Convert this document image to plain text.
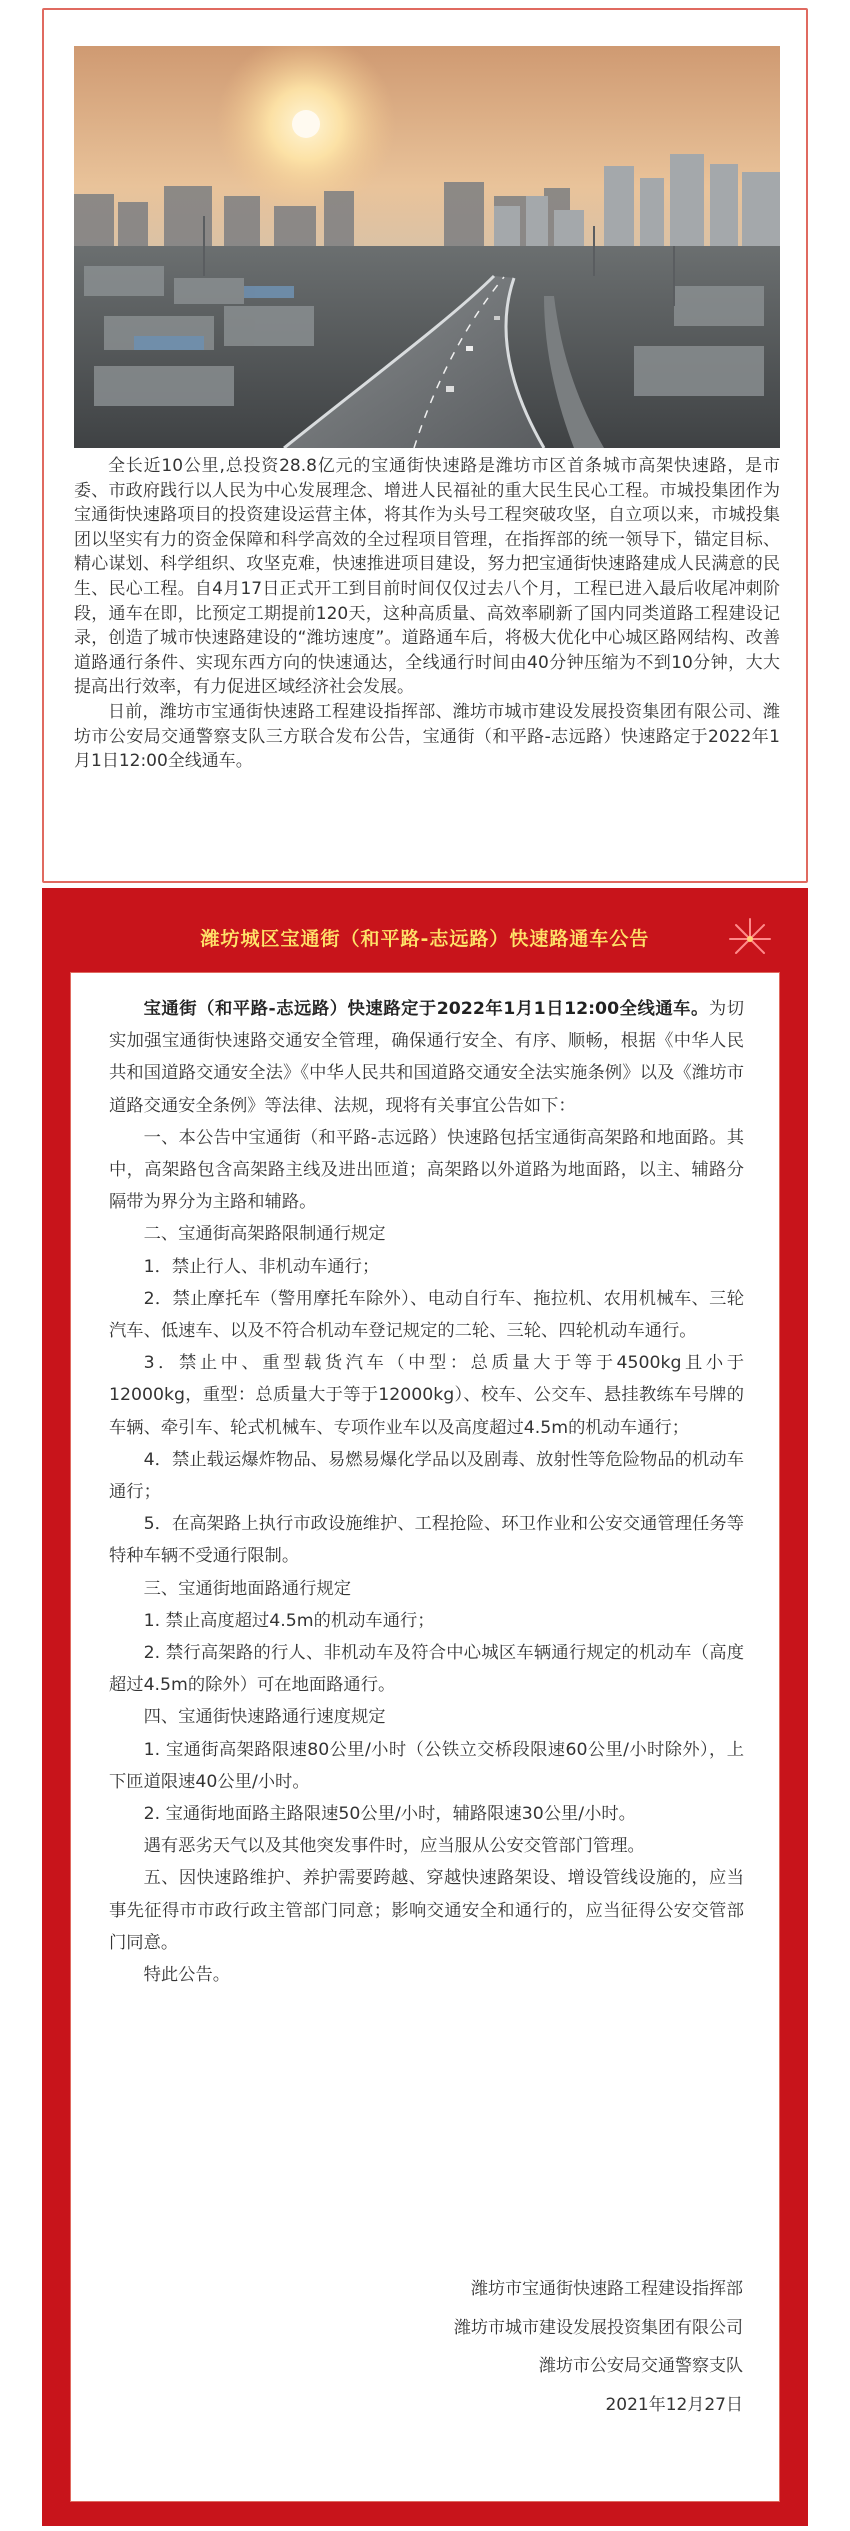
全长近10公里,总投资28.8亿元的宝通街快速路是潍坊市区首条城市高架快速路，是市委、市政府践行以人民为中心发展理念、增进人民福祉的重大民生民心工程。市城投集团作为宝通街快速路项目的投资建设运营主体，将其作为头号工程突破攻坚，自立项以来，市城投集团以坚实有力的资金保障和科学高效的全过程项目管理，在指挥部的统一领导下，锚定目标、精心谋划、科学组织、攻坚克难，快速推进项目建设，努力把宝通街快速路建成人民满意的民生、民心工程。自4月17日正式开工到目前时间仅仅过去八个月，工程已进入最后收尾冲刺阶段，通车在即，比预定工期提前120天，这种高质量、高效率刷新了国内同类道路工程建设记录，创造了城市快速路建设的“潍坊速度”。道路通车后，将极大优化中心城区路网结构、改善道路通行条件、实现东西方向的快速通达，全线通行时间由40分钟压缩为不到10分钟，大大提高出行效率，有力促进区域经济社会发展。

日前，潍坊市宝通街快速路工程建设指挥部、潍坊市城市建设发展投资集团有限公司、潍坊市公安局交通警察支队三方联合发布公告，宝通街（和平路-志远路）快速路定于2022年1月1日12:00全线通车。

潍坊城区宝通街（和平路-志远路）快速路通车公告

宝通街（和平路-志远路）快速路定于2022年1月1日12:00全线通车。为切实加强宝通街快速路交通安全管理，确保通行安全、有序、顺畅，根据《中华人民共和国道路交通安全法》《中华人民共和国道路交通安全法实施条例》以及《潍坊市道路交通安全条例》等法律、法规，现将有关事宜公告如下：

一、本公告中宝通街（和平路-志远路）快速路包括宝通街高架路和地面路。其中，高架路包含高架路主线及进出匝道；高架路以外道路为地面路，以主、辅路分隔带为界分为主路和辅路。

二、宝通街高架路限制通行规定

1．禁止行人、非机动车通行；

2．禁止摩托车（警用摩托车除外）、电动自行车、拖拉机、农用机械车、三轮汽车、低速车、以及不符合机动车登记规定的二轮、三轮、四轮机动车通行。

3．禁止中、重型载货汽车（中型：总质量大于等于4500kg且小于12000kg，重型：总质量大于等于12000kg）、校车、公交车、悬挂教练车号牌的车辆、牵引车、轮式机械车、专项作业车以及高度超过4.5m的机动车通行；

4．禁止载运爆炸物品、易燃易爆化学品以及剧毒、放射性等危险物品的机动车通行；

5．在高架路上执行市政设施维护、工程抢险、环卫作业和公安交通管理任务等特种车辆不受通行限制。

三、宝通街地面路通行规定

1. 禁止高度超过4.5m的机动车通行；

2. 禁行高架路的行人、非机动车及符合中心城区车辆通行规定的机动车（高度超过4.5m的除外）可在地面路通行。

四、宝通街快速路通行速度规定

1. 宝通街高架路限速80公里/小时（公铁立交桥段限速60公里/小时除外），上下匝道限速40公里/小时。

2. 宝通街地面路主路限速50公里/小时，辅路限速30公里/小时。

遇有恶劣天气以及其他突发事件时，应当服从公安交管部门管理。

五、因快速路维护、养护需要跨越、穿越快速路架设、增设管线设施的，应当事先征得市市政行政主管部门同意；影响交通安全和通行的，应当征得公安交管部门同意。

特此公告。

潍坊市宝通街快速路工程建设指挥部
潍坊市城市建设发展投资集团有限公司
潍坊市公安局交通警察支队
2021年12月27日
